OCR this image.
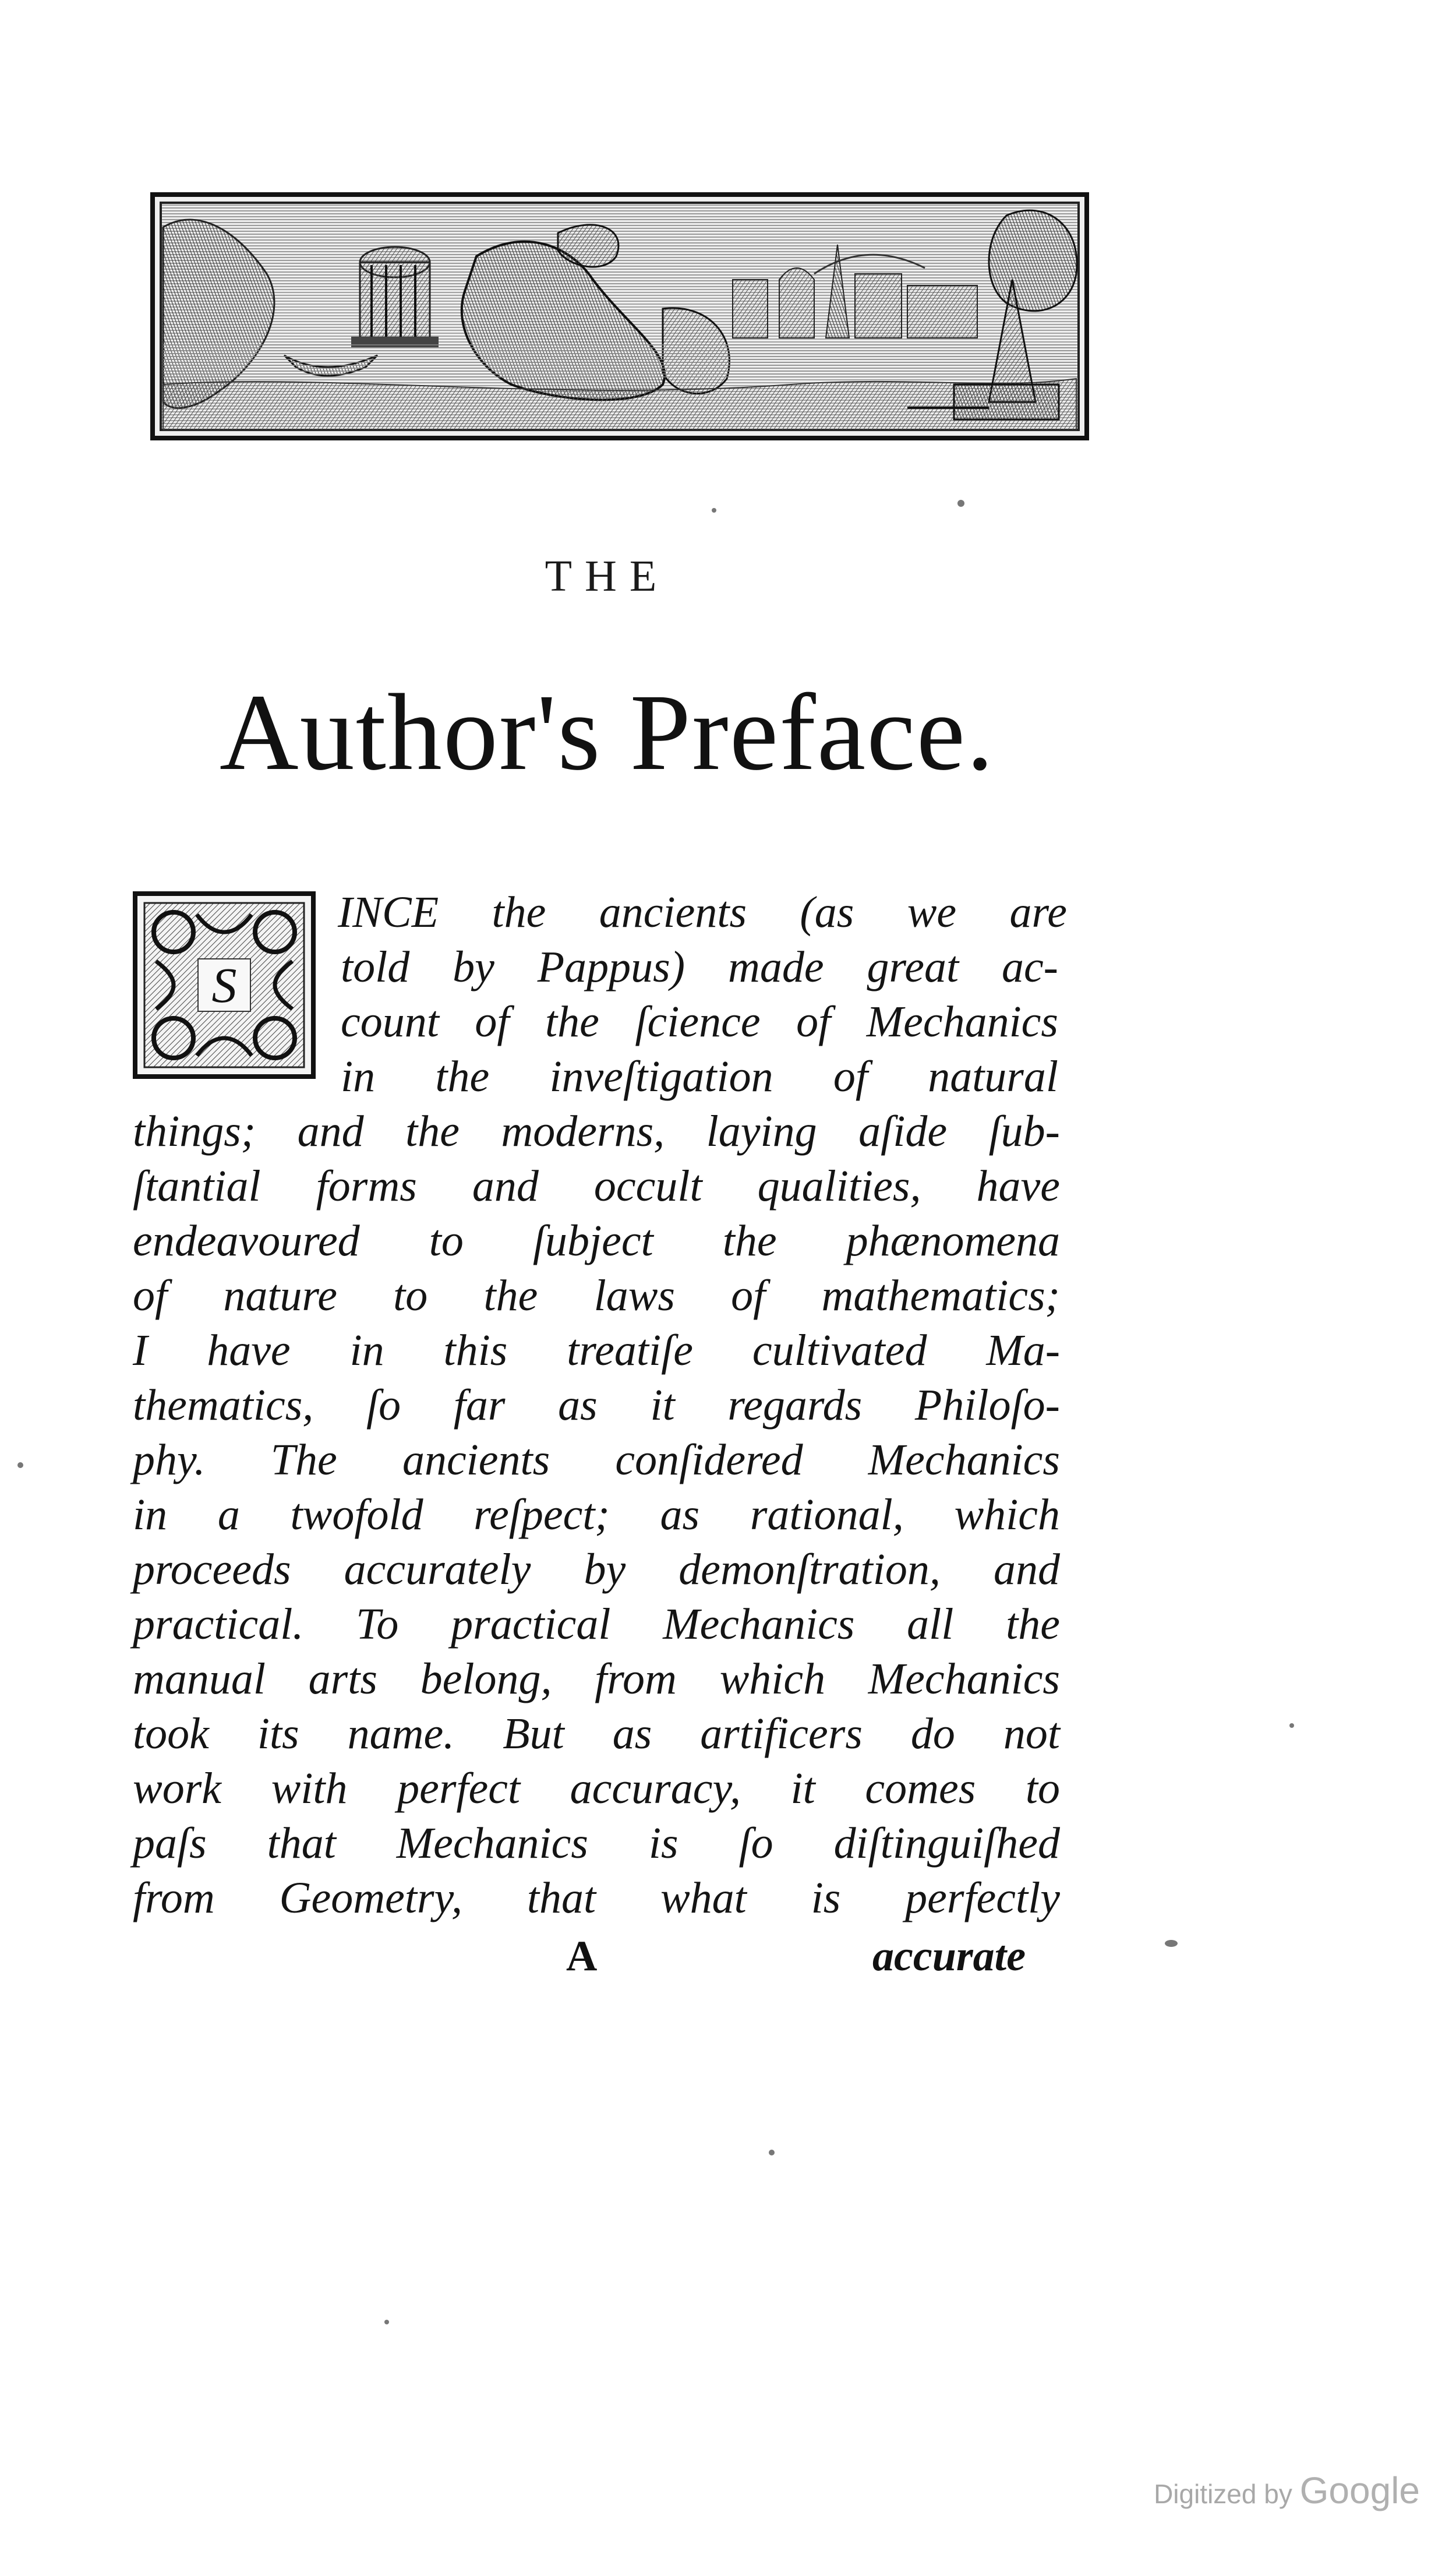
THE
Author's Preface.
S
INCE the ancients (as we are
told by Pappus) made great ac-
count of the ſcience of Mechanics
in the inveſtigation of natural
things; and the moderns, laying aſide ſub-
ſtantial forms and occult qualities, have
endeavoured to ſubject the phænomena
of nature to the laws of mathematics;
I have in this treatiſe cultivated Ma-
thematics, ſo far as it regards Philoſo-
phy. The ancients conſidered Mechanics
in a twofold reſpect; as rational, which
proceeds accurately by demonſtration, and
practical. To practical Mechanics all the
manual arts belong, from which Mechanics
took its name. But as artificers do not
work with perfect accuracy, it comes to
paſs that Mechanics is ſo diſtinguiſhed
from Geometry, that what is perfectly
A	accurate
Digitized by Google
